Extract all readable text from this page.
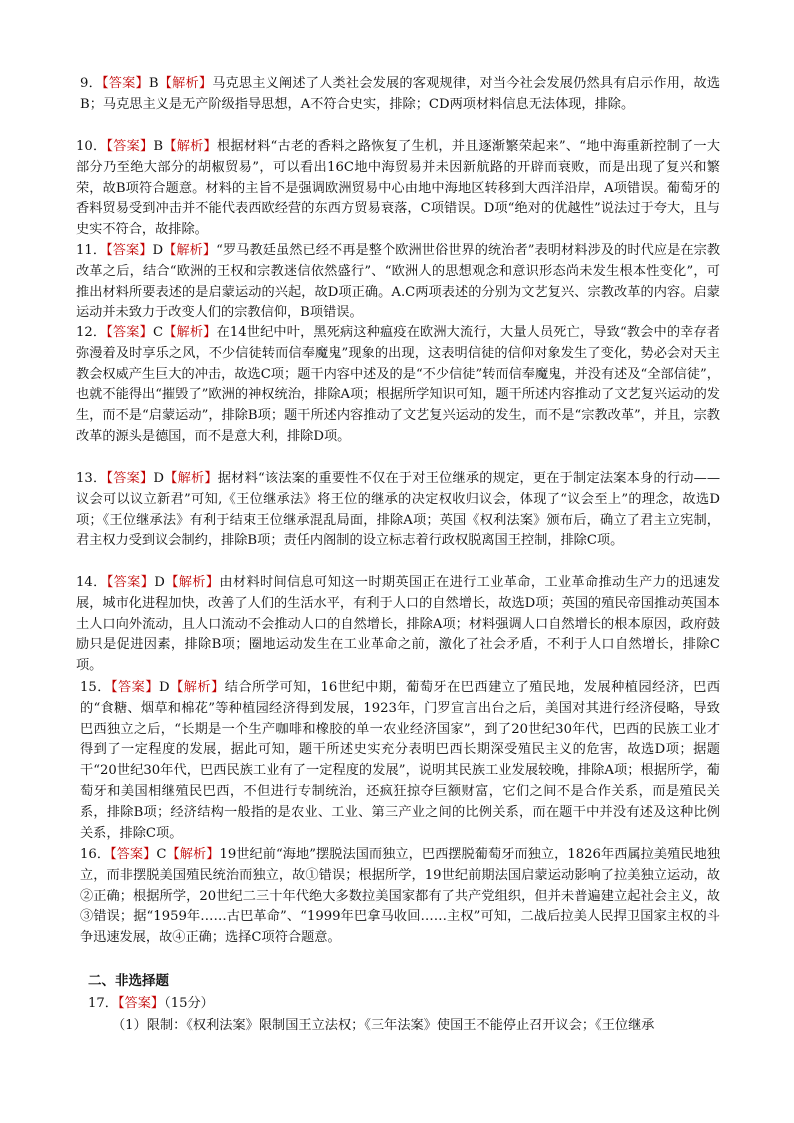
9．【答案】B【解析】马克思主义阐述了人类社会发展的客观规律，对当今社会发展仍然具有启示作用，故选B；马克思主义是无产阶级指导思想，A不符合史实，排除；CD两项材料信息无法体现，排除。
10．【答案】B【解析】根据材料“古老的香料之路恢复了生机，并且逐渐繁荣起来”、“地中海重新控制了一大部分乃至绝大部分的胡椒贸易”，可以看出16C地中海贸易并未因新航路的开辟而衰败，而是出现了复兴和繁荣，故B项符合题意。材料的主旨不是强调欧洲贸易中心由地中海地区转移到大西洋沿岸，A项错误。葡萄牙的香料贸易受到冲击并不能代表西欧经营的东西方贸易衰落，C项错误。D项“绝对的优越性”说法过于夸大，且与史实不符合，故排除。
11．【答案】D【解析】“罗马教廷虽然已经不再是整个欧洲世俗世界的统治者”表明材料涉及的时代应是在宗教改革之后，结合“欧洲的王权和宗教迷信依然盛行”、“欧洲人的思想观念和意识形态尚未发生根本性变化”，可推出材料所要表述的是启蒙运动的兴起，故D项正确。A.C两项表述的分别为文艺复兴、宗教改革的内容。启蒙运动并未致力于改变人们的宗教信仰，B项错误。
12．【答案】C【解析】在14世纪中叶，黑死病这种瘟疫在欧洲大流行，大量人员死亡，导致“教会中的幸存者弥漫着及时享乐之风，不少信徒转而信奉魔鬼”现象的出现，这表明信徒的信仰对象发生了变化，势必会对天主教会权威产生巨大的冲击，故选C项；题干内容中述及的是“不少信徒”转而信奉魔鬼，并没有述及“全部信徒”，也就不能得出“摧毁了”欧洲的神权统治，排除A项；根据所学知识可知，题干所述内容推动了文艺复兴运动的发生，而不是“启蒙运动”，排除B项；题干所述内容推动了文艺复兴运动的发生，而不是“宗教改革”，并且，宗教改革的源头是德国，而不是意大利，排除D项。
13．【答案】D【解析】据材料“该法案的重要性不仅在于对王位继承的规定，更在于制定法案本身的行动——议会可以议立新君”可知,《王位继承法》将王位的继承的决定权收归议会，体现了“议会至上”的理念，故选D项；《王位继承法》有利于结束王位继承混乱局面，排除A项；英国《权利法案》颁布后，确立了君主立宪制，君主权力受到议会制约，排除B项；责任内阁制的设立标志着行政权脱离国王控制，排除C项。
14．【答案】D【解析】由材料时间信息可知这一时期英国正在进行工业革命，工业革命推动生产力的迅速发展，城市化进程加快，改善了人们的生活水平，有利于人口的自然增长，故选D项；英国的殖民帝国推动英国本土人口向外流动，且人口流动不会推动人口的自然增长，排除A项；材料强调人口自然增长的根本原因，政府鼓励只是促进因素，排除B项；圈地运动发生在工业革命之前，激化了社会矛盾，不利于人口自然增长，排除C项。
15．【答案】D【解析】结合所学可知，16世纪中期，葡萄牙在巴西建立了殖民地，发展种植园经济，巴西的“食糖、烟草和棉花”等种植园经济得到发展，1923年，门罗宣言出台之后，美国对其进行经济侵略，导致巴西独立之后，“长期是一个生产咖啡和橡胶的单一农业经济国家”，到了20世纪30年代，巴西的民族工业才得到了一定程度的发展，据此可知，题干所述史实充分表明巴西长期深受殖民主义的危害，故选D项；据题干“20世纪30年代，巴西民族工业有了一定程度的发展”，说明其民族工业发展较晚，排除A项；根据所学，葡萄牙和美国相继殖民巴西，不但进行专制统治，还疯狂掠夺巨额财富，它们之间不是合作关系，而是殖民关系，排除B项；经济结构一般指的是农业、工业、第三产业之间的比例关系，而在题干中并没有述及这种比例关系，排除C项。
16．【答案】C【解析】19世纪前“海地”摆脱法国而独立，巴西摆脱葡萄牙而独立，1826年西属拉美殖民地独立，而非摆脱美国殖民统治而独立，故①错误；根据所学，19世纪前期法国启蒙运动影响了拉美独立运动，故②正确；根据所学，20世纪二三十年代绝大多数拉美国家都有了共产党组织，但并未普遍建立起社会主义，故③错误；据“1959年……古巴革命”、“1999年巴拿马收回……主权”可知，二战后拉美人民捍卫国家主权的斗争迅速发展，故④正确；选择C项符合题意。
二、非选择题
17．【答案】（15分）
（1）限制：《权利法案》限制国王立法权；《三年法案》使国王不能停止召开议会；《王位继承
